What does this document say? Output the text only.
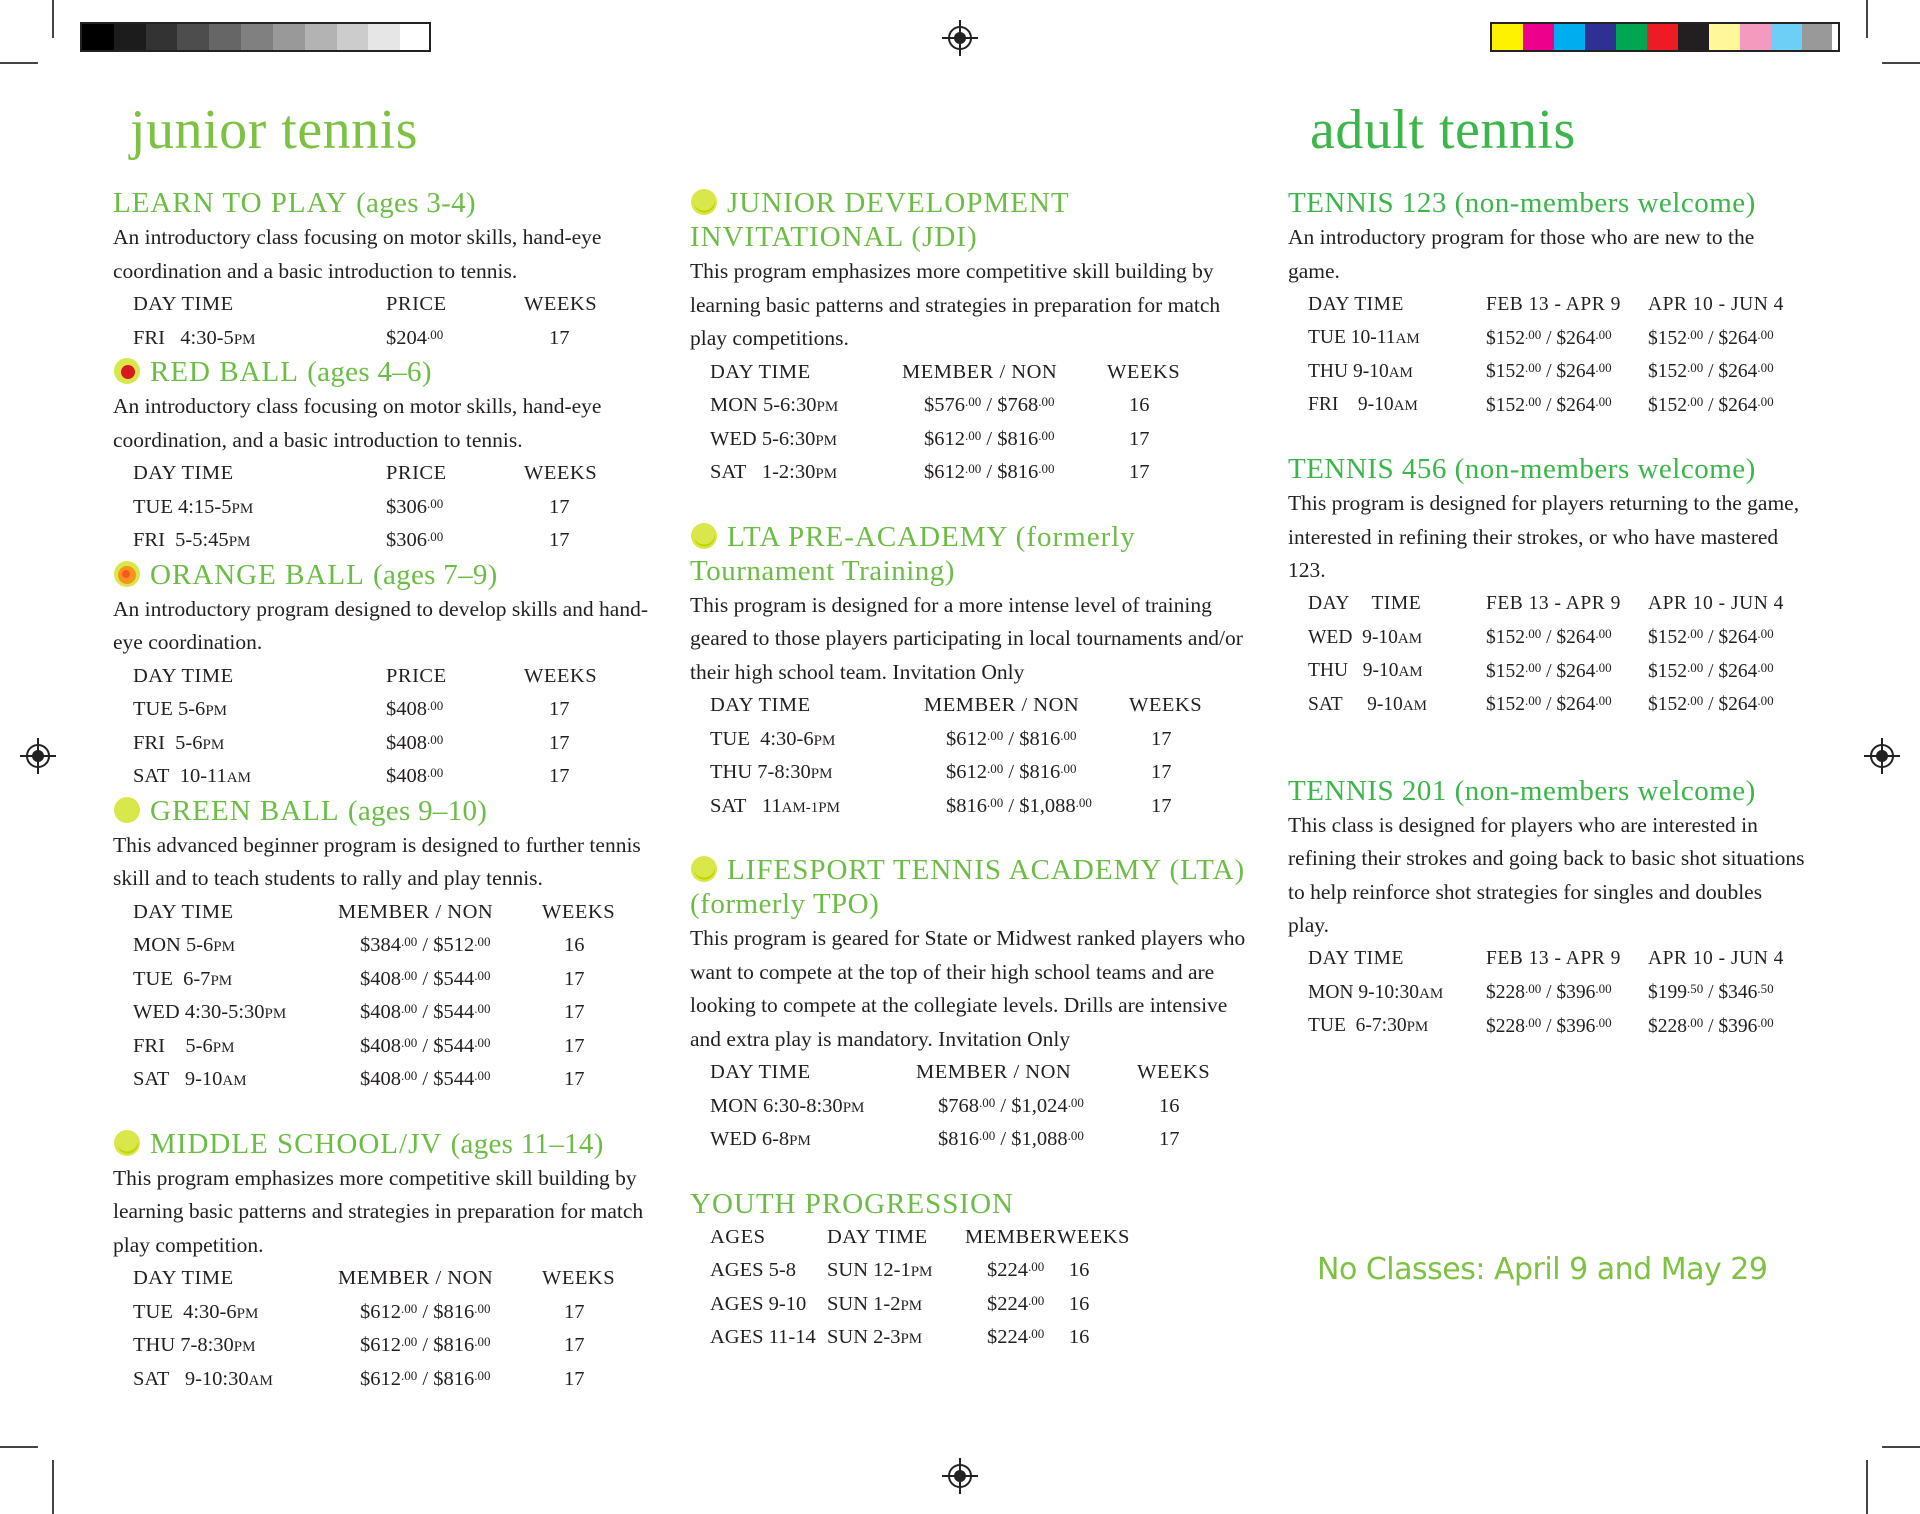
junior tennis	adult tennis
LEARN TO PLAY
(ages 3-4)
An introductory class focusing on motor skills, hand-eye coordination and a basic introduction to tennis.
DAY TIME	PRICE	WEEKS
FRI 4:30-5PM	$\$204^{.00}$	17
RED BALL
(ages 4–6)
An introductory class focusing on motor skills, hand-eye coordination, and a basic introduction to tennis.
DAY TIME	PRICE	WEEKS
TUE 4:15-5PM	$\$306^{.00}$	17
FRI 5-5:45PM	$\$306^{.00}$	17
ORANGE BALL
(ages 7–9)
An introductory program designed to develop skills and hand-eye coordination.
DAY TIME	PRICE	WEEKS
TUE 5-6PM	$\$408^{.00}$	17
FRI 5-6PM	$\$408^{.00}$	17
SAT 10-11AM	$\$408^{.00}$	17
GREEN BALL
(ages 9–10)
This advanced beginner program is designed to further tennis skill and to teach students to rally and play tennis.
DAY TIME	MEMBER / NON	WEEKS
MON 5-6PM	$\$384^{.00}$ / $\$512^{.00}$	16
TUE 6-7PM	$\$408^{.00}$ / $\$544^{.00}$	17
WED 4:30-5:30PM	$\$408^{.00}$ / $\$544^{.00}$	17
FRI 5-6PM	$\$408^{.00}$ / $\$544^{.00}$	17
SAT 9-10AM	$\$408^{.00}$ / $\$544^{.00}$	17
MIDDLE SCHOOL/JV
(ages 11–14)
This program emphasizes more competitive skill building by learning basic patterns and strategies in preparation for match play competition.
DAY TIME	MEMBER / NON	WEEKS
TUE 4:30-6PM	$\$612^{.00}$ / $\$816^{.00}$	17
THU 7-8:30PM	$\$612^{.00}$ / $\$816^{.00}$	17
SAT 9-10:30AM	$\$612^{.00}$ / $\$816^{.00}$	17
JUNIOR DEVELOPMENT
INVITATIONAL (JDI)
This program emphasizes more competitive skill building by learning basic patterns and strategies in preparation for match play competitions.
DAY TIME	MEMBER / NON	WEEKS
MON 5-6:30PM	$\$576^{.00}$ / $\$768^{.00}$	16
WED 5-6:30PM	$\$612^{.00}$ / $\$816^{.00}$	17
SAT 1-2:30PM	$\$612^{.00}$ / $\$816^{.00}$	17
LTA PRE-ACADEMY (formerly
Tournament Training)
This program is designed for a more intense level of training geared to those players participating in local tournaments and/or their high school team. Invitation Only
DAY TIME	MEMBER / NON	WEEKS
TUE 4:30-6PM	$\$612^{.00}$ / $\$816^{.00}$	17
THU 7-8:30PM	$\$612^{.00}$ / $\$816^{.00}$	17
SAT 11AM-1PM	$\$816^{.00}$ / $\$1,088^{.00}$	17
LIFESPORT TENNIS ACADEMY (LTA)
(formerly TPO)
This program is geared for State or Midwest ranked players who want to compete at the top of their high school teams and are looking to compete at the collegiate levels. Drills are intensive and extra play is mandatory. Invitation Only
DAY TIME	MEMBER / NON	WEEKS
MON 6:30-8:30PM	$\$768^{.00}$ / $\$1,024^{.00}$	16
WED 6-8PM	$\$816^{.00}$ / $\$1,088^{.00}$	17
YOUTH PROGRESSION
AGES	DAY TIME	MEMBER	WEEKS
AGES 5-8	SUN 12-1PM	$\$224^{.00}$	16
AGES 9-10	SUN 1-2PM	$\$224^{.00}$	16
AGES 11-14	SUN 2-3PM	$\$224^{.00}$	16
TENNIS 123
(non-members welcome)
An introductory program for those who are new to the game.
DAY TIME	FEB 13 - APR 9	APR 10 - JUN 4
TUE 10-11AM	$\$152^{.00}$ / $\$264^{.00}$	$\$152^{.00}$ / $\$264^{.00}$
THU 9-10AM	$\$152^{.00}$ / $\$264^{.00}$	$\$152^{.00}$ / $\$264^{.00}$
FRI 9-10AM	$\$152^{.00}$ / $\$264^{.00}$	$\$152^{.00}$ / $\$264^{.00}$
TENNIS 456
(non-members welcome)
This program is designed for players returning to the game, interested in refining their strokes, or who have mastered 123.
DAY TIME	FEB 13 - APR 9	APR 10 - JUN 4
WED 9-10AM	$\$152^{.00}$ / $\$264^{.00}$	$\$152^{.00}$ / $\$264^{.00}$
THU 9-10AM	$\$152^{.00}$ / $\$264^{.00}$	$\$152^{.00}$ / $\$264^{.00}$
SAT 9-10AM	$\$152^{.00}$ / $\$264^{.00}$	$\$152^{.00}$ / $\$264^{.00}$
TENNIS 201
(non-members welcome)
This class is designed for players who are interested in refining their strokes and going back to basic shot situations to help reinforce shot strategies for singles and doubles play.
DAY TIME	FEB 13 - APR 9	APR 10 - JUN 4
MON 9-10:30AM	$\$228^{.00}$ / $\$396^{.00}$	$\$199^{.50}$ / $\$346^{.50}$
TUE 6-7:30PM	$\$228^{.00}$ / $\$396^{.00}$	$\$228^{.00}$ / $\$396^{.00}$
No Classes: April 9 and May 29
